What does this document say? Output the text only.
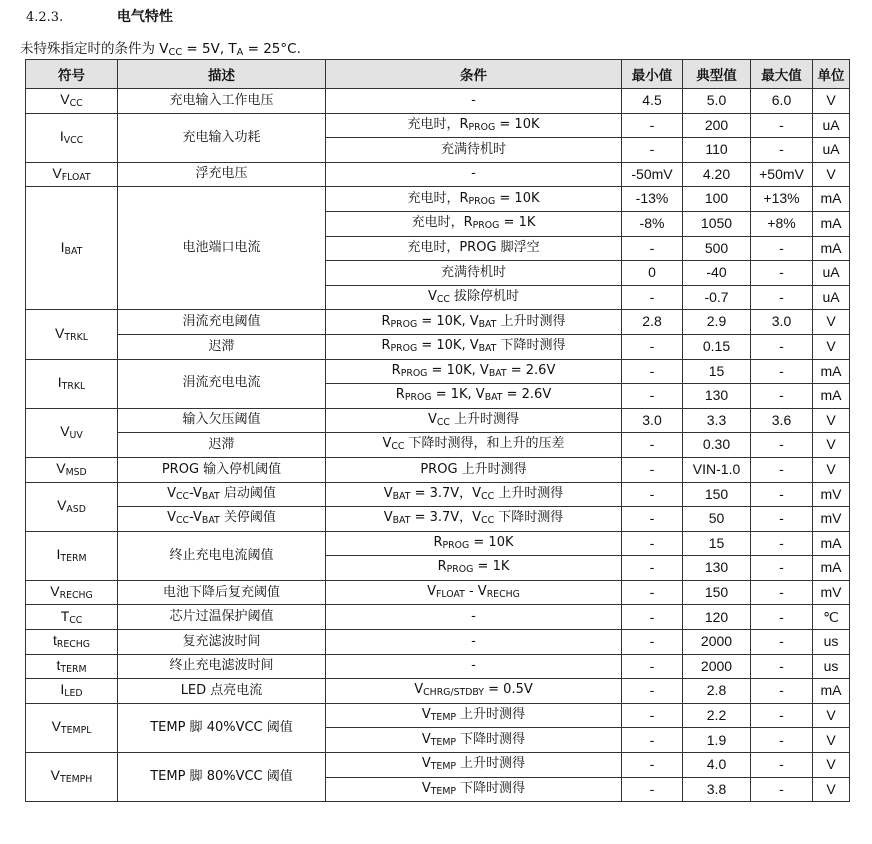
4.2.3.	电气特性
未特殊指定时的条件为 $V_{CC} = 5V$, $T_A = 25^\circ C$.
符号	描述	条件	最小值	典型值	最大值	单位
$V_{CC}$	充电输入工作电压	-	4.5	5.0	6.0	V
$I_{VCC}$	充电输入功耗	充电时，$R_{PROG} = 10K$	-	200	-	uA
		充满待机时	-	110	-	uA
$V_{FLOAT}$	浮充电压	-	-50mV	4.20	+50mV	V
$I_{BAT}$	电池端口电流	充电时，$R_{PROG} = 10K$	-13%	100	+13%	mA
		充电时，$R_{PROG} = 1K$	-8%	1050	+8%	mA
		充电时，PROG 脚浮空	-	500	-	mA
		充满待机时	0	-40	-	uA
		$V_{CC}$ 拔除停机时	-	-0.7	-	uA
$V_{TRKL}$	涓流充电阈值	$R_{PROG} = 10K$, $V_{BAT}$ 上升时测得	2.8	2.9	3.0	V
	迟滞	$R_{PROG} = 10K$, $V_{BAT}$ 下降时测得	-	0.15	-	V
$I_{TRKL}$	涓流充电电流	$R_{PROG} = 10K$, $V_{BAT} = 2.6V$	-	15	-	mA
		$R_{PROG} = 1K$, $V_{BAT} = 2.6V$	-	130	-	mA
$V_{UV}$	输入欠压阈值	$V_{CC}$ 上升时测得	3.0	3.3	3.6	V
	迟滞	$V_{CC}$ 下降时测得，和上升的压差	-	0.30	-	V
$V_{MSD}$	PROG 输入停机阈值	PROG 上升时测得	-	VIN-1.0	-	V
$V_{ASD}$	$V_{CC}-V_{BAT}$ 启动阈值	$V_{BAT} = 3.7V$，$V_{CC}$ 上升时测得	-	150	-	mV
	$V_{CC}-V_{BAT}$ 关停阈值	$V_{BAT} = 3.7V$，$V_{CC}$ 下降时测得	-	50	-	mV
$I_{TERM}$	终止充电电流阈值	$R_{PROG} = 10K$	-	15	-	mA
		$R_{PROG} = 1K$	-	130	-	mA
$V_{RECHG}$	电池下降后复充阈值	$V_{FLOAT} - V_{RECHG}$	-	150	-	mV
$T_{CC}$	芯片过温保护阈值	-	-	120	-	℃
$t_{RECHG}$	复充滤波时间	-	-	2000	-	us
$t_{TERM}$	终止充电滤波时间	-	-	2000	-	us
$I_{LED}$	LED 点亮电流	$V_{CHRG/STDBY} = 0.5V$	-	2.8	-	mA
$V_{TEMPL}$	TEMP 脚 40%VCC 阈值	$V_{TEMP}$ 上升时测得	-	2.2	-	V
		$V_{TEMP}$ 下降时测得	-	1.9	-	V
$V_{TEMPH}$	TEMP 脚 80%VCC 阈值	$V_{TEMP}$ 上升时测得	-	4.0	-	V
		$V_{TEMP}$ 下降时测得	-	3.8	-	V
